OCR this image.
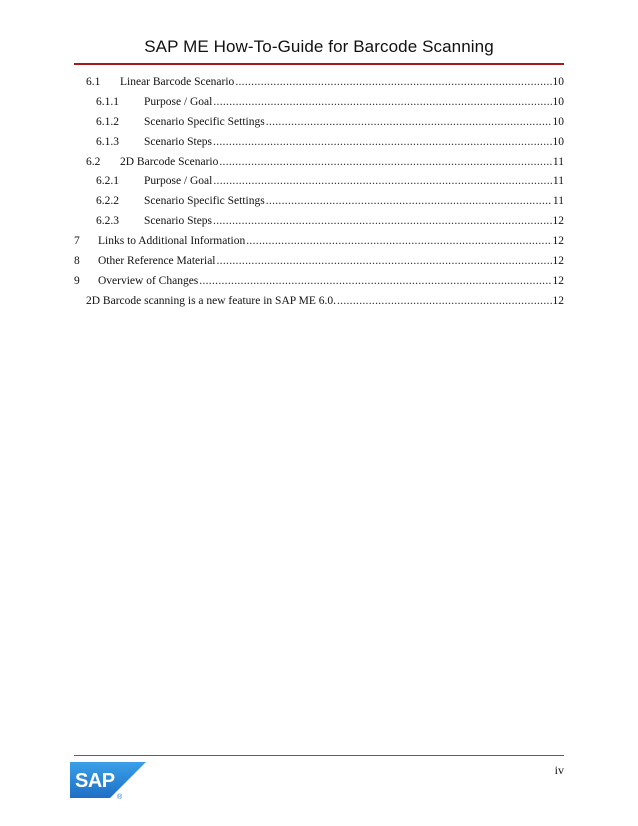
SAP ME How-To-Guide for Barcode Scanning
6.1	Linear Barcode Scenario .....	10
6.1.1	Purpose / Goal .....	10
6.1.2	Scenario Specific Settings .....	10
6.1.3	Scenario Steps .....	10
6.2	2D Barcode Scenario .....	11
6.2.1	Purpose / Goal .....	11
6.2.2	Scenario Specific Settings .....	11
6.2.3	Scenario Steps .....	12
7	Links to Additional Information .....	12
8	Other Reference Material .....	12
9	Overview of Changes .....	12
2D Barcode scanning is a new feature in SAP ME 6.0. .....	12
SAP
®
iv
